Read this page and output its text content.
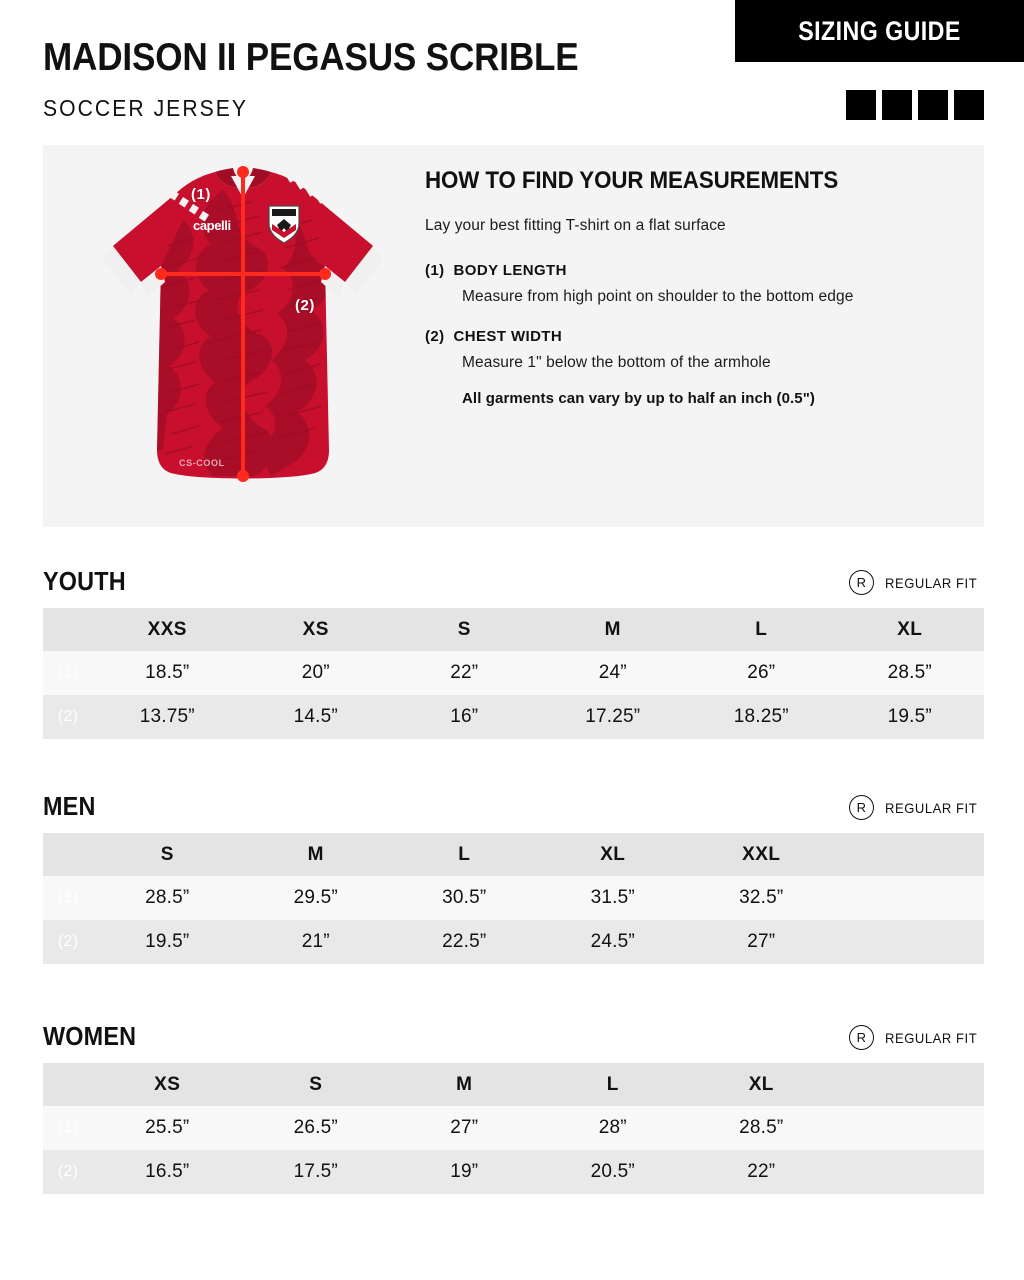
SIZING GUIDE
MADISON II PEGASUS SCRIBLE
SOCCER JERSEY
capelli
CS-COOL
(1)
(2)
HOW TO FIND YOUR MEASUREMENTS
Lay your best fitting T-shirt on a flat surface
(1) BODY LENGTH
Measure from high point on shoulder to the bottom edge
(2) CHEST WIDTH
Measure 1" below the bottom of the armhole
All garments can vary by up to half an inch (0.5")
YOUTH	R	REGULAR FIT
	XXS	XS	S	M	L	XL
(1)	18.5”	20”	22”	24”	26”	28.5”
(2)	13.75”	14.5”	16”	17.25”	18.25”	19.5”
MEN	R	REGULAR FIT
	S	M	L	XL	XXL	
(1)	28.5”	29.5”	30.5”	31.5”	32.5”	
(2)	19.5”	21”	22.5”	24.5”	27”	
WOMEN	R	REGULAR FIT
	XS	S	M	L	XL	
(1)	25.5”	26.5”	27”	28”	28.5”	
(2)	16.5”	17.5”	19”	20.5”	22”	
